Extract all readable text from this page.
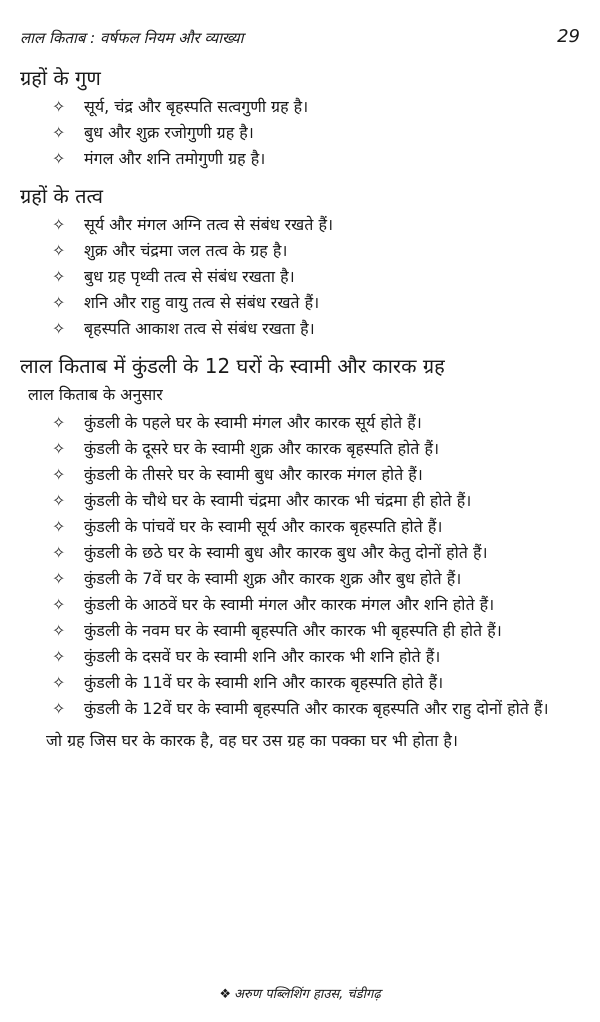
लाल किताब : वर्षफल नियम और व्याख्या	29
ग्रहों के गुण
✧ सूर्य, चंद्र और बृहस्पति सत्वगुणी ग्रह है।
✧ बुध और शुक्र रजोगुणी ग्रह है।
✧ मंगल और शनि तमोगुणी ग्रह है।
ग्रहों के तत्व
✧ सूर्य और मंगल अग्नि तत्व से संबंध रखते हैं।
✧ शुक्र और चंद्रमा जल तत्व के ग्रह है।
✧ बुध ग्रह पृथ्वी तत्व से संबंध रखता है।
✧ शनि और राहु वायु तत्व से संबंध रखते हैं।
✧ बृहस्पति आकाश तत्व से संबंध रखता है।
लाल किताब में कुंडली के 12 घरों के स्वामी और कारक ग्रह
लाल किताब के अनुसार
✧ कुंडली के पहले घर के स्वामी मंगल और कारक सूर्य होते हैं।
✧ कुंडली के दूसरे घर के स्वामी शुक्र और कारक बृहस्पति होते हैं।
✧ कुंडली के तीसरे घर के स्वामी बुध और कारक मंगल होते हैं।
✧ कुंडली के चौथे घर के स्वामी चंद्रमा और कारक भी चंद्रमा ही होते हैं।
✧ कुंडली के पांचवें घर के स्वामी सूर्य और कारक बृहस्पति होते हैं।
✧ कुंडली के छठे घर के स्वामी बुध और कारक बुध और केतु दोनों होते हैं।
✧ कुंडली के 7वें घर के स्वामी शुक्र और कारक शुक्र और बुध होते हैं।
✧ कुंडली के आठवें घर के स्वामी मंगल और कारक मंगल और शनि होते हैं।
✧ कुंडली के नवम घर के स्वामी बृहस्पति और कारक भी बृहस्पति ही होते हैं।
✧ कुंडली के दसवें घर के स्वामी शनि और कारक भी शनि होते हैं।
✧ कुंडली के 11वें घर के स्वामी शनि और कारक बृहस्पति होते हैं।
✧ कुंडली के 12वें घर के स्वामी बृहस्पति और कारक बृहस्पति और राहु दोनों होते हैं।

जो ग्रह जिस घर के कारक है, वह घर उस ग्रह का पक्का घर भी होता है।

❖ अरुण पब्लिशिंग हाउस, चंडीगढ़
